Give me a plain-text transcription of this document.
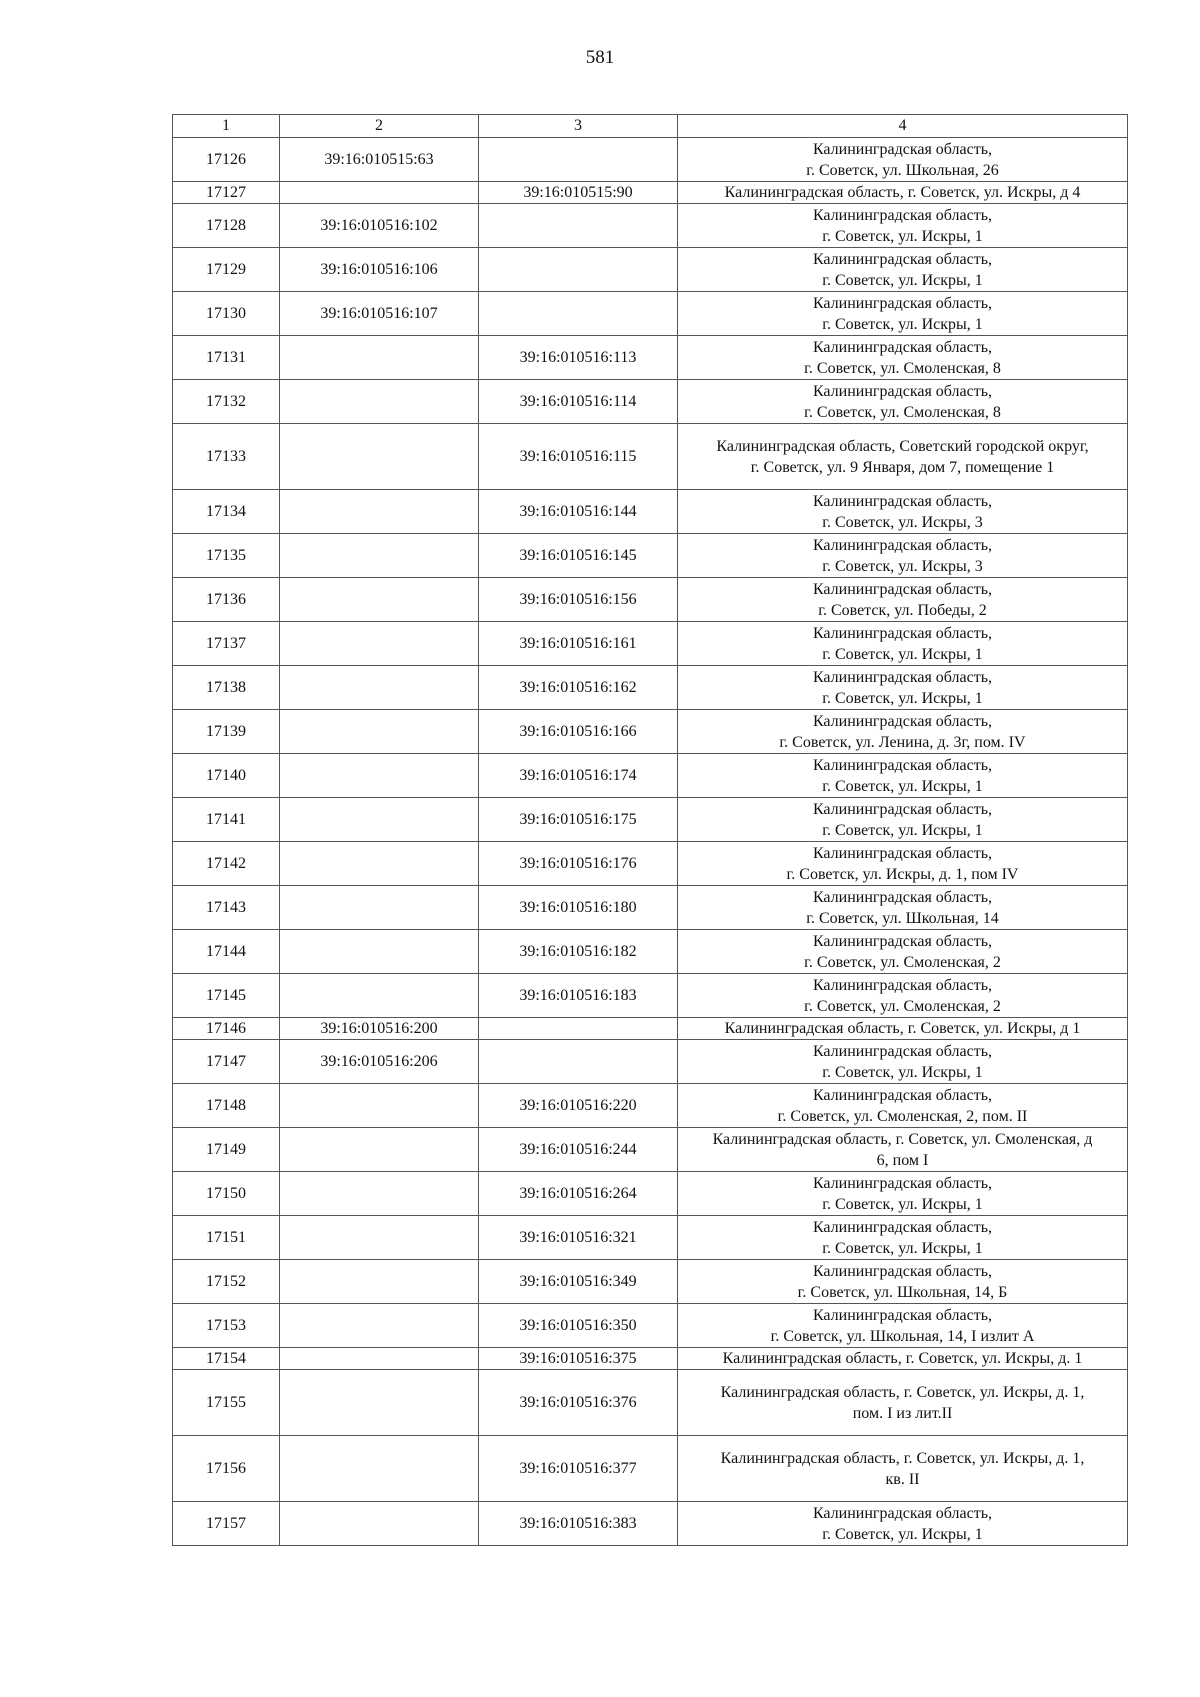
581
1	2	3	4
17126	39:16:010515:63		Калининградская область,
г. Советск, ул. Школьная, 26

17127		39:16:010515:90	Калининградская область, г. Советск, ул. Искры, д 4

17128	39:16:010516:102		Калининградская область,
г. Советск, ул. Искры, 1

17129	39:16:010516:106		Калининградская область,
г. Советск, ул. Искры, 1

17130	39:16:010516:107		Калининградская область,
г. Советск, ул. Искры, 1

17131		39:16:010516:113	Калининградская область,
г. Советск, ул. Смоленская, 8

17132		39:16:010516:114	Калининградская область,
г. Советск, ул. Смоленская, 8

17133		39:16:010516:115	Калининградская область, Советский городской округ,
г. Советск, ул. 9 Января, дом 7, помещение 1

17134		39:16:010516:144	Калининградская область,
г. Советск, ул. Искры, 3

17135		39:16:010516:145	Калининградская область,
г. Советск, ул. Искры, 3

17136		39:16:010516:156	Калининградская область,
г. Советск, ул. Победы, 2

17137		39:16:010516:161	Калининградская область,
г. Советск, ул. Искры, 1

17138		39:16:010516:162	Калининградская область,
г. Советск, ул. Искры, 1

17139		39:16:010516:166	Калининградская область,
г. Советск, ул. Ленина, д. 3г, пом. IV

17140		39:16:010516:174	Калининградская область,
г. Советск, ул. Искры, 1

17141		39:16:010516:175	Калининградская область,
г. Советск, ул. Искры, 1

17142		39:16:010516:176	Калининградская область,
г. Советск, ул. Искры, д. 1, пом IV

17143		39:16:010516:180	Калининградская область,
г. Советск, ул. Школьная, 14

17144		39:16:010516:182	Калининградская область,
г. Советск, ул. Смоленская, 2

17145		39:16:010516:183	Калининградская область,
г. Советск, ул. Смоленская, 2

17146	39:16:010516:200		Калининградская область, г. Советск, ул. Искры, д 1

17147	39:16:010516:206		Калининградская область,
г. Советск, ул. Искры, 1

17148		39:16:010516:220	Калининградская область,
г. Советск, ул. Смоленская, 2, пом. II

17149		39:16:010516:244	Калининградская область, г. Советск, ул. Смоленская, д
6, пом I

17150		39:16:010516:264	Калининградская область,
г. Советск, ул. Искры, 1

17151		39:16:010516:321	Калининградская область,
г. Советск, ул. Искры, 1

17152		39:16:010516:349	Калининградская область,
г. Советск, ул. Школьная, 14, Б

17153		39:16:010516:350	Калининградская область,
г. Советск, ул. Школьная, 14, I излит А

17154		39:16:010516:375	Калининградская область, г. Советск, ул. Искры, д. 1

17155		39:16:010516:376	Калининградская область, г. Советск, ул. Искры, д. 1,
пом. I из лит.II

17156		39:16:010516:377	Калининградская область, г. Советск, ул. Искры, д. 1,
кв. II

17157		39:16:010516:383	Калининградская область,
г. Советск, ул. Искры, 1
